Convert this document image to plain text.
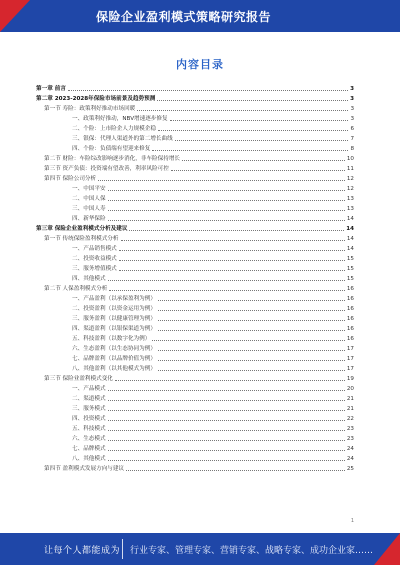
保险企业盈利模式策略研究报告
内容目录
第一章 前言	3
第二章 2023-2028年保险市场前景及趋势预测	3
第一节 寿险：政策利好推动市场回暖	3
一、政策利好推动，NBV增速逐步修复	3
二、个险：上市险企人力规模企稳	6
三、银保：代理人渠道外的第二增长曲线	7
四、个险：负债端有望迎来修复	8
第二节 财险：车险综改影响逐步消化，非车险保持增长	10
第三节 资产负债：投资端有望改善，利率风险可控	11
第四节 保险公司分析	12
一、中国平安	12
二、中国人保	13
三、中国人寿	13
四、新华保险	14
第三章 保险企业盈利模式分析及建议	14
第一节 传统保险盈利模式分析	14
一、产品销售模式	14
二、投资收益模式	15
三、服务增值模式	15
四、其他模式	15
第二节 人保盈利模式分析	16
一、产品盈利（以承保盈利为例）	16
二、投资盈利（以资金运用为例）	16
三、服务盈利（以健康管理为例）	16
四、渠道盈利（以银保渠道为例）	16
五、科技盈利（以数字化为例）	16
六、生态盈利（以生态协同为例）	17
七、品牌盈利（以品牌价值为例）	17
八、其他盈利（以其他模式为例）	17
第三节 保险业盈利模式变化	19
一、产品模式	20
二、渠道模式	21
三、服务模式	21
四、投资模式	22
五、科技模式	23
六、生态模式	23
七、品牌模式	24
八、其他模式	24
第四节 盈利模式发展方向与建议	25
1
让每个人都能成为 行业专家、管理专家、营销专家、战略专家、成功企业家……
